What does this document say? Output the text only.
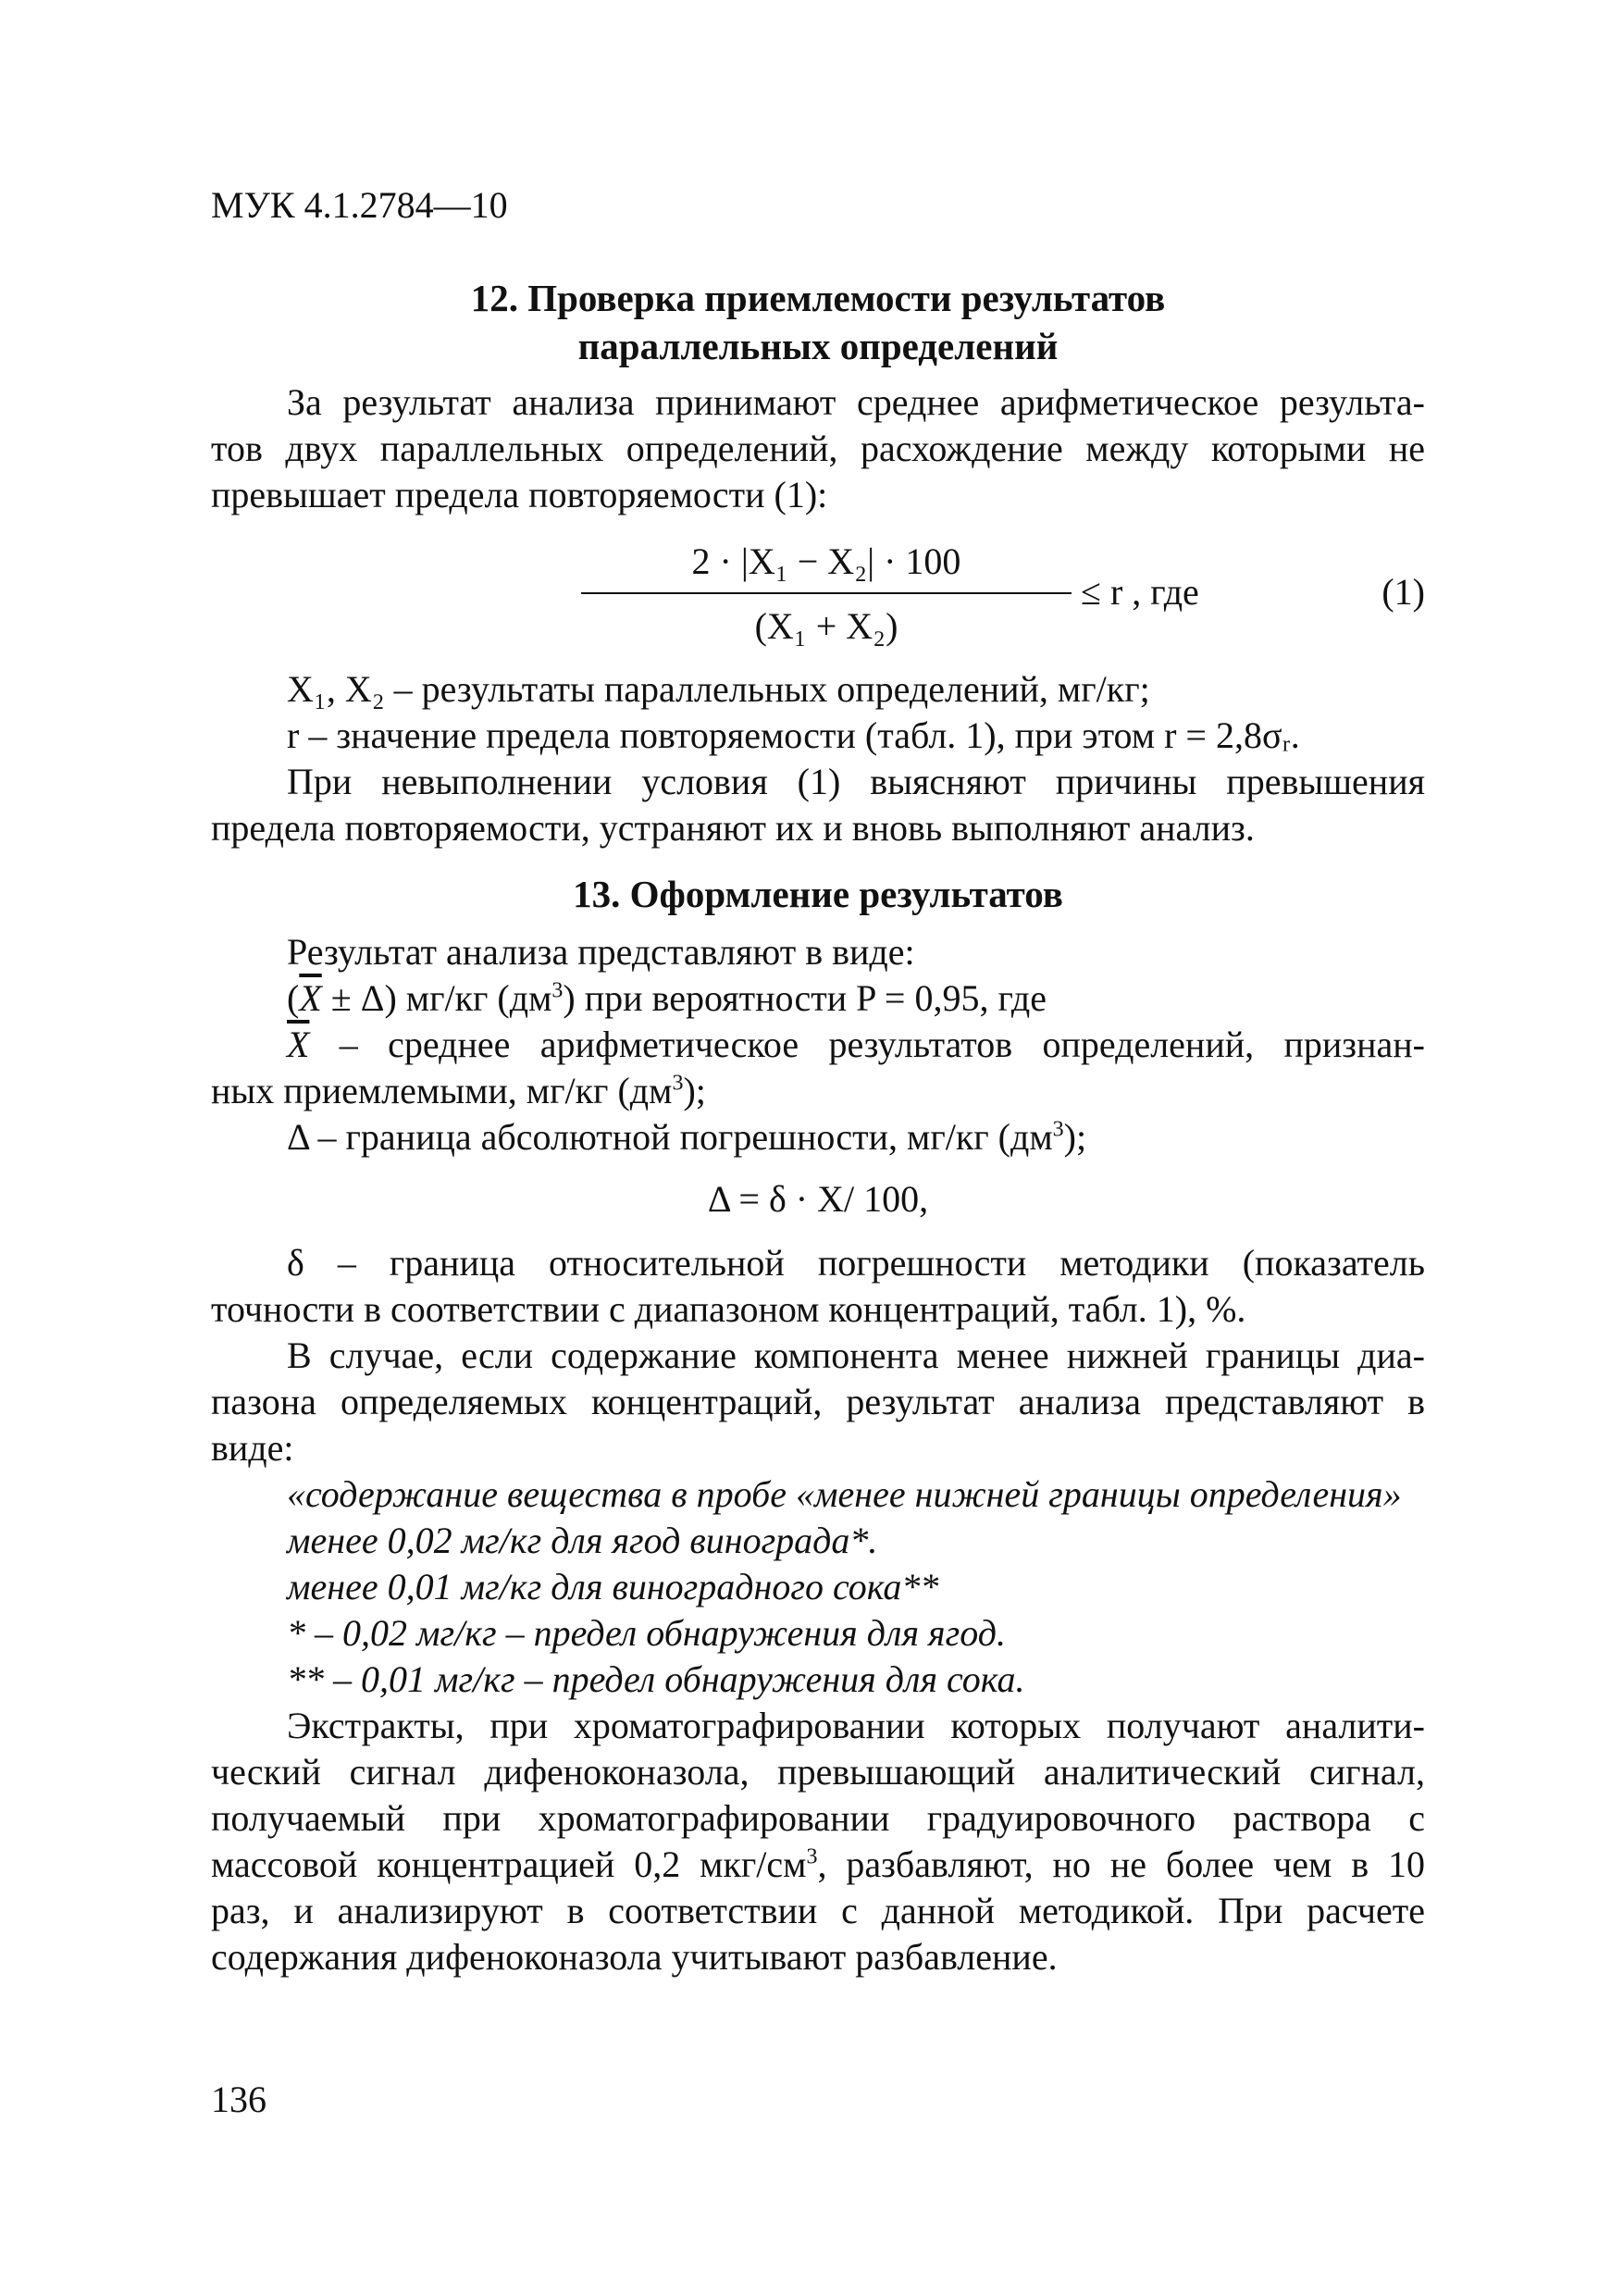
МУК 4.1.2784—10
12. Проверка приемлемости результатов
параллельных определений
За результат анализа принимают среднее арифметическое результа-
тов двух параллельных определений, расхождение между которыми не
превышает предела повторяемости (1):
2 · |X₁ − X₂| · 100
(X₁ + X₂)
≤ r , где	(1)
X₁, X₂ – результаты параллельных определений, мг/кг;
r – значение предела повторяемости (табл. 1), при этом r = 2,8σᵣ.
При невыполнении условия (1) выясняют причины превышения
предела повторяемости, устраняют их и вновь выполняют анализ.
13. Оформление результатов
Результат анализа представляют в виде:
$(\overline{X} \pm \Delta)$ мг/кг $(дм^3)$ при вероятности P = 0,95, где
$\overline{X}$ – среднее арифметическое результатов определений, признан-
ных приемлемыми, мг/кг $(дм^3)$;
Δ – граница абсолютной погрешности, мг/кг $(дм^3)$;
Δ = δ · X/ 100,
δ – граница относительной погрешности методики (показатель
точности в соответствии с диапазоном концентраций, табл. 1), %.
В случае, если содержание компонента менее нижней границы диа-
пазона определяемых концентраций, результат анализа представляют в
виде:
«содержание вещества в пробе «менее нижней границы определения»
менее 0,02 мг/кг для ягод винограда*.
менее 0,01 мг/кг для виноградного сока**
* – 0,02 мг/кг – предел обнаружения для ягод.
** – 0,01 мг/кг – предел обнаружения для сока.
Экстракты, при хроматографировании которых получают аналити-
ческий сигнал дифеноконазола, превышающий аналитический сигнал,
получаемый при хроматографировании градуировочного раствора с
массовой концентрацией 0,2 мкг/$см^3$, разбавляют, но не более чем в 10
раз, и анализируют в соответствии с данной методикой. При расчете
содержания дифеноконазола учитывают разбавление.
136
